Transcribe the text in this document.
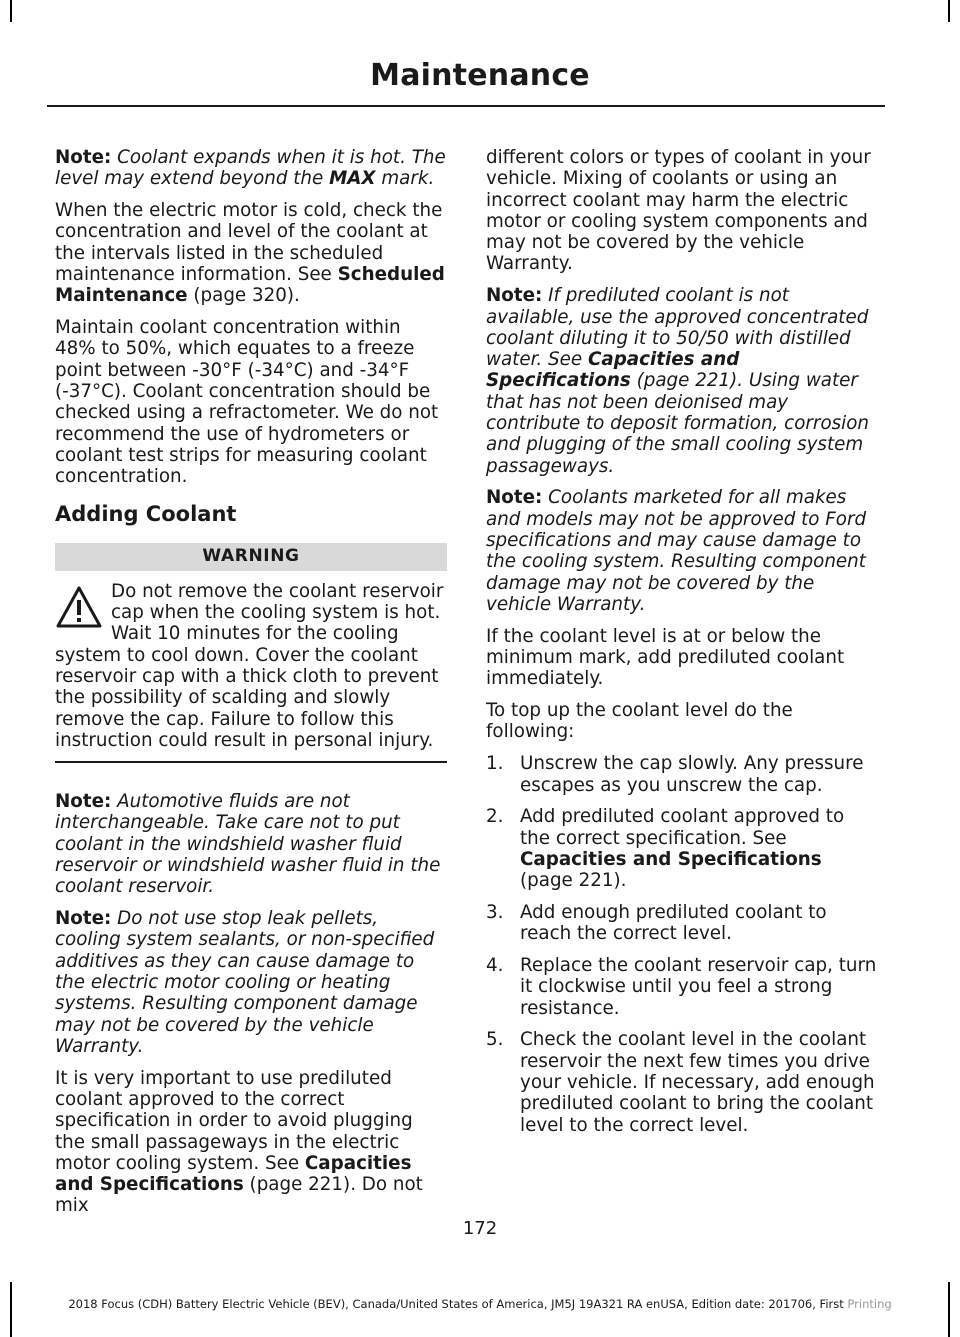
Maintenance

Note: Coolant expands when it is hot. The level may extend beyond the MAX mark.

When the electric motor is cold, check the concentration and level of the coolant at the intervals listed in the scheduled maintenance information. See Scheduled Maintenance (page 320).

Maintain coolant concentration within 48% to 50%, which equates to a freeze point between -30°F (-34°C) and -34°F (-37°C). Coolant concentration should be checked using a refractometer. We do not recommend the use of hydrometers or coolant test strips for measuring coolant concentration.

Adding Coolant
WARNING
Do not remove the coolant reservoir cap when the cooling system is hot. Wait 10 minutes for the cooling system to cool down. Cover the coolant reservoir cap with a thick cloth to prevent the possibility of scalding and slowly remove the cap. Failure to follow this instruction could result in personal injury.

Note: Automotive fluids are not interchangeable. Take care not to put coolant in the windshield washer fluid reservoir or windshield washer fluid in the coolant reservoir.

Note: Do not use stop leak pellets, cooling system sealants, or non-specified additives as they can cause damage to the electric motor cooling or heating systems. Resulting component damage may not be covered by the vehicle Warranty.

It is very important to use prediluted coolant approved to the correct specification in order to avoid plugging the small passageways in the electric motor cooling system. See Capacities and Specifications (page 221). Do not mix

different colors or types of coolant in your vehicle. Mixing of coolants or using an incorrect coolant may harm the electric motor or cooling system components and may not be covered by the vehicle Warranty.

Note: If prediluted coolant is not available, use the approved concentrated coolant diluting it to 50/50 with distilled water. See Capacities and Specifications (page 221). Using water that has not been deionised may contribute to deposit formation, corrosion and plugging of the small cooling system passageways.

Note: Coolants marketed for all makes and models may not be approved to Ford specifications and may cause damage to the cooling system. Resulting component damage may not be covered by the vehicle Warranty.

If the coolant level is at or below the minimum mark, add prediluted coolant immediately.

To top up the coolant level do the following:

1. Unscrew the cap slowly. Any pressure escapes as you unscrew the cap.
2. Add prediluted coolant approved to the correct specification. See Capacities and Specifications (page 221).
3. Add enough prediluted coolant to reach the correct level.
4. Replace the coolant reservoir cap, turn it clockwise until you feel a strong resistance.
5. Check the coolant level in the coolant reservoir the next few times you drive your vehicle. If necessary, add enough prediluted coolant to bring the coolant level to the correct level.
172
2018 Focus (CDH) Battery Electric Vehicle (BEV), Canada/United States of America, JM5J 19A321 RA enUSA, Edition date: 201706, First Printing
